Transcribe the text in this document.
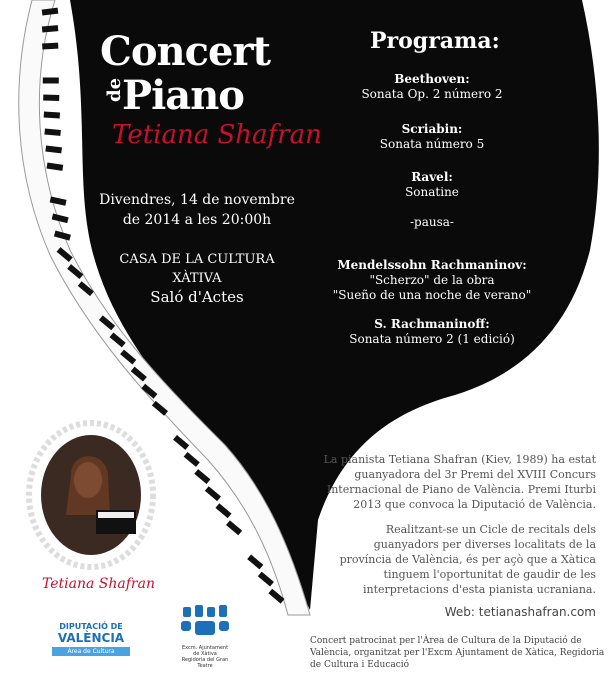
Concert
de
Piano
Tetiana Shafran
Divendres, 14 de novembre
de 2014 a les 20:00h
CASA DE LA CULTURA
XÀTIVA
Saló d'Actes
Programa:
Beethoven:
Sonata Op. 2 número 2
Scriabin:
Sonata número 5
Ravel:
Sonatine
-pausa-
Mendelssohn Rachmaninov:
"Scherzo" de la obra
"Sueño de una noche de verano"
S. Rachmaninoff:
Sonata número 2 (1 edició)
La pianista Tetiana Shafran (Kiev, 1989) ha estat guanyadora del 3r Premi del XVIII Concurs Internacional de Piano de València. Premi Iturbi 2013 que convoca la Diputació de València.
Realitzant-se un Cicle de recitals dels guanyadors per diverses localitats de la província de València, és per açò que a Xàtica tinguem l'oportunitat de gaudir de les interpretacions d'esta pianista ucraniana.
Web: tetianashafran.com
Concert patrocinat per l'Àrea de Cultura de la Diputació de València, organitzat per l'Excm Ajuntament de Xàtica, Regidoria de Cultura i Educació
Tetiana Shafran
DIPUTACIÓ DE
VALÈNCIA
Àrea de Cultura	Excm. Ajuntament
de Xàtiva
Regidoria del Gran Teatre
